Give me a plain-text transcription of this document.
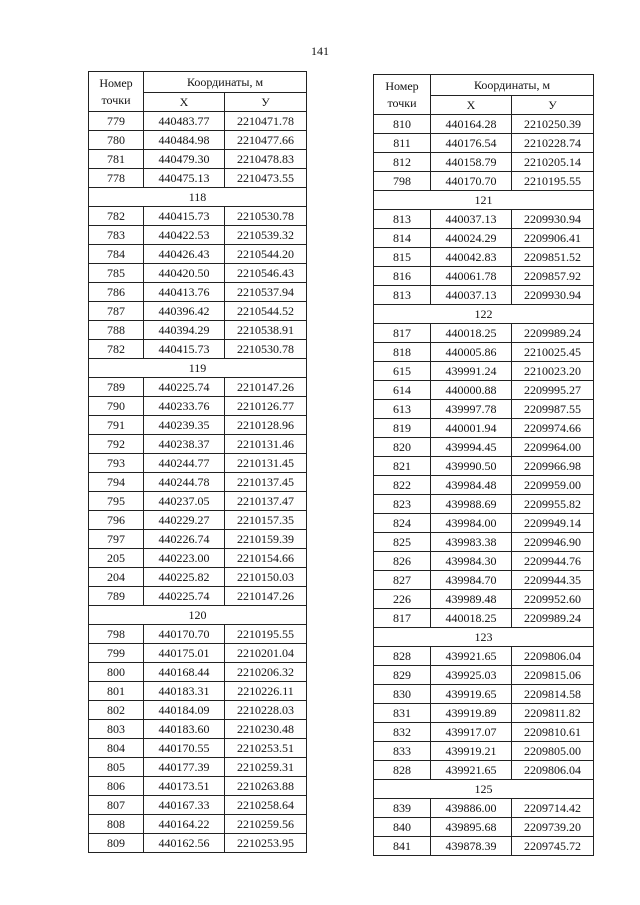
141
Номер
точки	Координаты, м	
	Х	У
779	440483.77	2210471.78
780	440484.98	2210477.66
781	440479.30	2210478.83
778	440475.13	2210473.55
118		
782	440415.73	2210530.78
783	440422.53	2210539.32
784	440426.43	2210544.20
785	440420.50	2210546.43
786	440413.76	2210537.94
787	440396.42	2210544.52
788	440394.29	2210538.91
782	440415.73	2210530.78
119		
789	440225.74	2210147.26
790	440233.76	2210126.77
791	440239.35	2210128.96
792	440238.37	2210131.46
793	440244.77	2210131.45
794	440244.78	2210137.45
795	440237.05	2210137.47
796	440229.27	2210157.35
797	440226.74	2210159.39
205	440223.00	2210154.66
204	440225.82	2210150.03
789	440225.74	2210147.26
120		
798	440170.70	2210195.55
799	440175.01	2210201.04
800	440168.44	2210206.32
801	440183.31	2210226.11
802	440184.09	2210228.03
803	440183.60	2210230.48
804	440170.55	2210253.51
805	440177.39	2210259.31
806	440173.51	2210263.88
807	440167.33	2210258.64
808	440164.22	2210259.56
809	440162.56	2210253.95
Номер
точки	Координаты, м	
	Х	У
810	440164.28	2210250.39
811	440176.54	2210228.74
812	440158.79	2210205.14
798	440170.70	2210195.55
121		
813	440037.13	2209930.94
814	440024.29	2209906.41
815	440042.83	2209851.52
816	440061.78	2209857.92
813	440037.13	2209930.94
122		
817	440018.25	2209989.24
818	440005.86	2210025.45
615	439991.24	2210023.20
614	440000.88	2209995.27
613	439997.78	2209987.55
819	440001.94	2209974.66
820	439994.45	2209964.00
821	439990.50	2209966.98
822	439984.48	2209959.00
823	439988.69	2209955.82
824	439984.00	2209949.14
825	439983.38	2209946.90
826	439984.30	2209944.76
827	439984.70	2209944.35
226	439989.48	2209952.60
817	440018.25	2209989.24
123		
828	439921.65	2209806.04
829	439925.03	2209815.06
830	439919.65	2209814.58
831	439919.89	2209811.82
832	439917.07	2209810.61
833	439919.21	2209805.00
828	439921.65	2209806.04
125		
839	439886.00	2209714.42
840	439895.68	2209739.20
841	439878.39	2209745.72
